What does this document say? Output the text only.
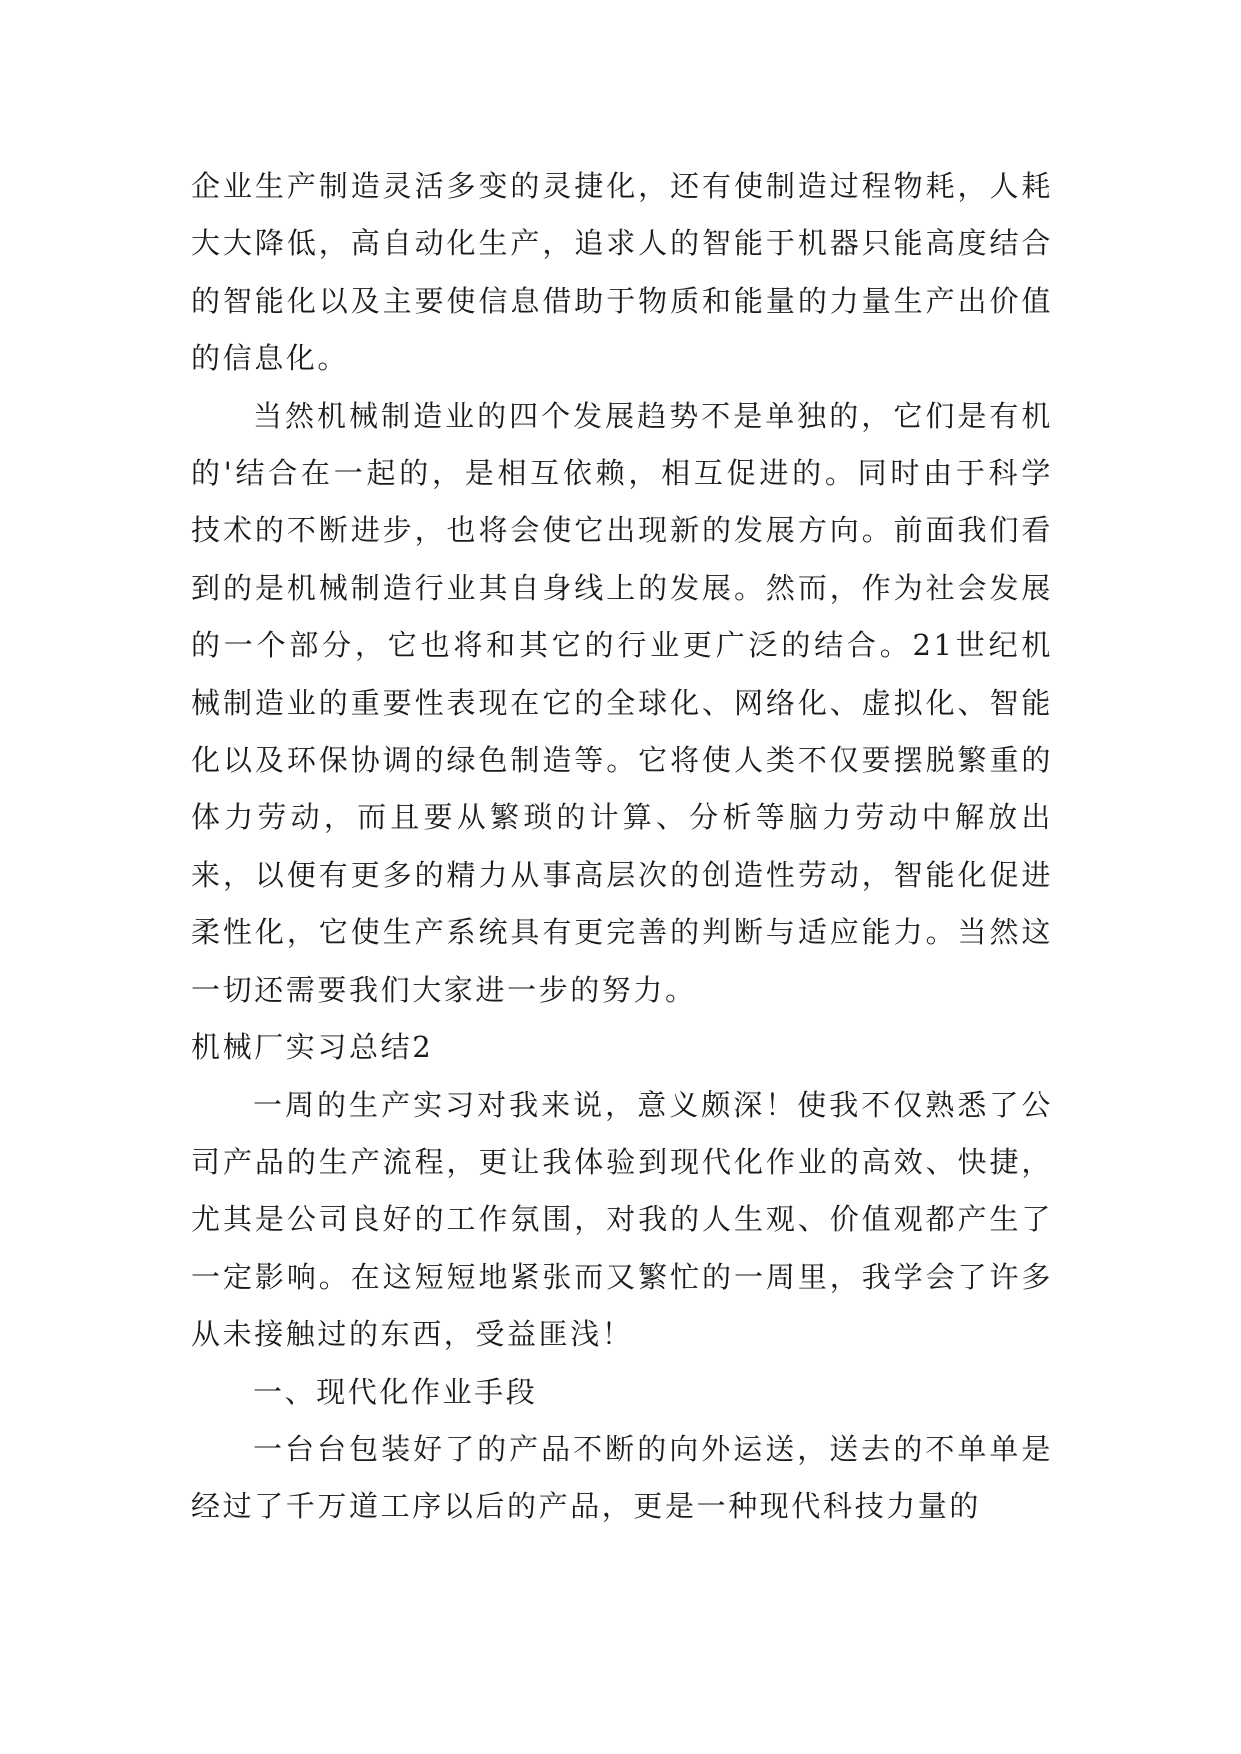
企业生产制造灵活多变的灵捷化，还有使制造过程物耗，人耗大大降低，高自动化生产，追求人的智能于机器只能高度结合的智能化以及主要使信息借助于物质和能量的力量生产出价值的信息化。

当然机械制造业的四个发展趋势不是单独的，它们是有机的'结合在一起的，是相互依赖，相互促进的。同时由于科学技术的不断进步，也将会使它出现新的发展方向。前面我们看到的是机械制造行业其自身线上的发展。然而，作为社会发展的一个部分，它也将和其它的行业更广泛的结合。21世纪机械制造业的重要性表现在它的全球化、网络化、虚拟化、智能化以及环保协调的绿色制造等。它将使人类不仅要摆脱繁重的体力劳动，而且要从繁琐的计算、分析等脑力劳动中解放出来，以便有更多的精力从事高层次的创造性劳动，智能化促进柔性化，它使生产系统具有更完善的判断与适应能力。当然这一切还需要我们大家进一步的努力。

机械厂实习总结2

一周的生产实习对我来说，意义颇深！使我不仅熟悉了公司产品的生产流程，更让我体验到现代化作业的高效、快捷，尤其是公司良好的工作氛围，对我的人生观、价值观都产生了一定影响。在这短短地紧张而又繁忙的一周里，我学会了许多从未接触过的东西，受益匪浅！

一、现代化作业手段

一台台包装好了的产品不断的向外运送，送去的不单单是经过了千万道工序以后的产品，更是一种现代科技力量的
